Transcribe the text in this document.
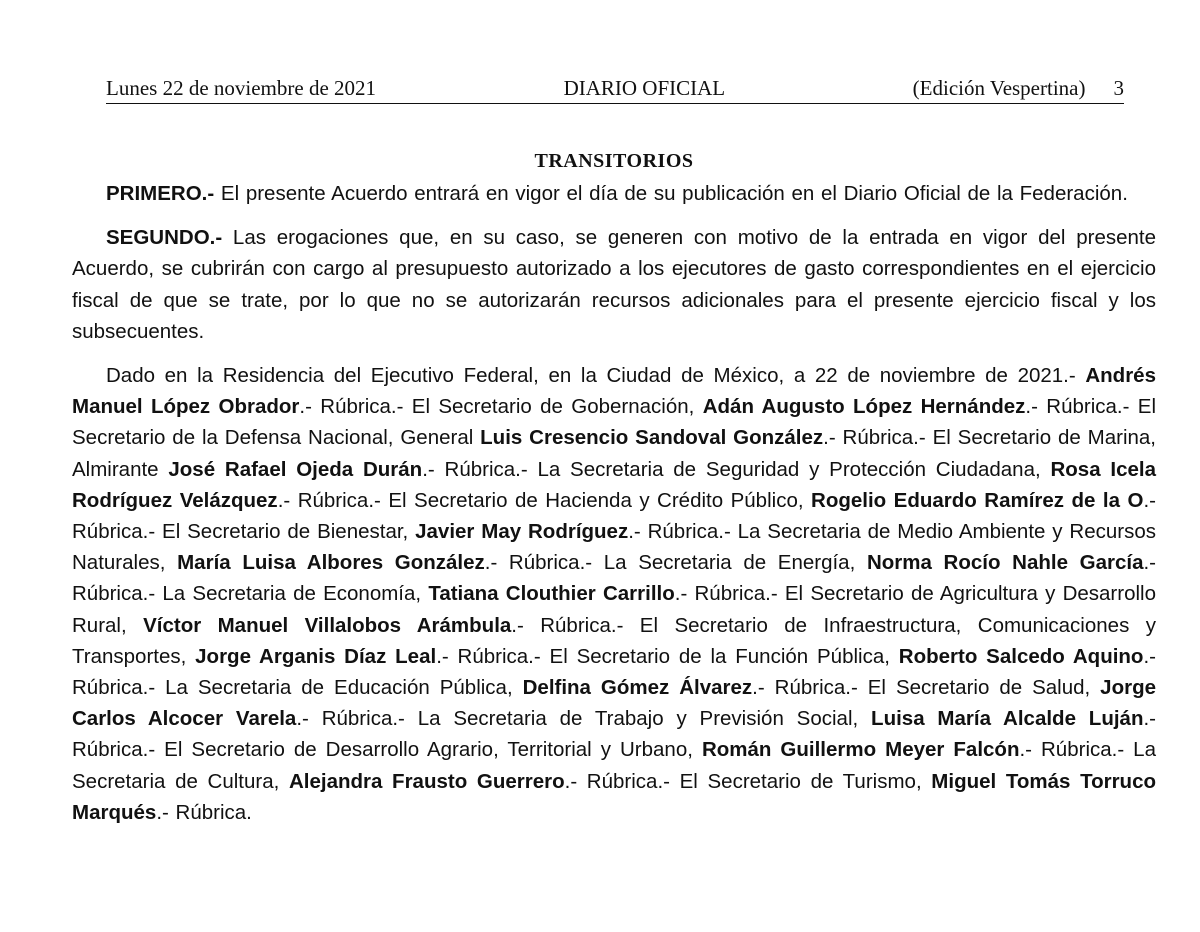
Lunes 22 de noviembre de 2021	DIARIO OFICIAL	(Edición Vespertina) 3
TRANSITORIOS

PRIMERO.- El presente Acuerdo entrará en vigor el día de su publicación en el Diario Oficial de la Federación.

SEGUNDO.- Las erogaciones que, en su caso, se generen con motivo de la entrada en vigor del presente Acuerdo, se cubrirán con cargo al presupuesto autorizado a los ejecutores de gasto correspondientes en el ejercicio fiscal de que se trate, por lo que no se autorizarán recursos adicionales para el presente ejercicio fiscal y los subsecuentes.

Dado en la Residencia del Ejecutivo Federal, en la Ciudad de México, a 22 de noviembre de 2021.- Andrés Manuel López Obrador.- Rúbrica.- El Secretario de Gobernación, Adán Augusto López Hernández.- Rúbrica.- El Secretario de la Defensa Nacional, General Luis Cresencio Sandoval González.- Rúbrica.- El Secretario de Marina, Almirante José Rafael Ojeda Durán.- Rúbrica.- La Secretaria de Seguridad y Protección Ciudadana, Rosa Icela Rodríguez Velázquez.- Rúbrica.- El Secretario de Hacienda y Crédito Público, Rogelio Eduardo Ramírez de la O.- Rúbrica.- El Secretario de Bienestar, Javier May Rodríguez.- Rúbrica.- La Secretaria de Medio Ambiente y Recursos Naturales, María Luisa Albores González.- Rúbrica.- La Secretaria de Energía, Norma Rocío Nahle García.- Rúbrica.- La Secretaria de Economía, Tatiana Clouthier Carrillo.- Rúbrica.- El Secretario de Agricultura y Desarrollo Rural, Víctor Manuel Villalobos Arámbula.- Rúbrica.- El Secretario de Infraestructura, Comunicaciones y Transportes, Jorge Arganis Díaz Leal.- Rúbrica.- El Secretario de la Función Pública, Roberto Salcedo Aquino.- Rúbrica.- La Secretaria de Educación Pública, Delfina Gómez Álvarez.- Rúbrica.- El Secretario de Salud, Jorge Carlos Alcocer Varela.- Rúbrica.- La Secretaria de Trabajo y Previsión Social, Luisa María Alcalde Luján.- Rúbrica.- El Secretario de Desarrollo Agrario, Territorial y Urbano, Román Guillermo Meyer Falcón.- Rúbrica.- La Secretaria de Cultura, Alejandra Frausto Guerrero.- Rúbrica.- El Secretario de Turismo, Miguel Tomás Torruco Marqués.- Rúbrica.
